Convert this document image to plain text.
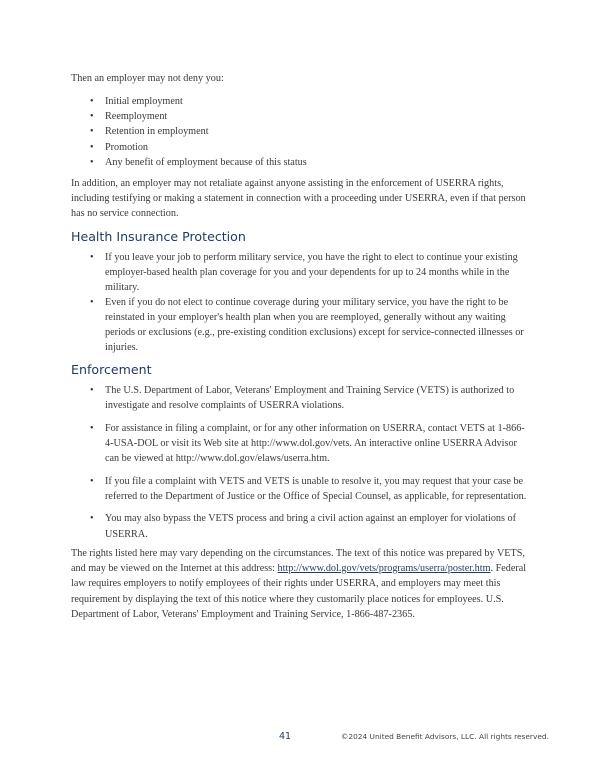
Then an employer may not deny you:

• Initial employment
• Reemployment
• Retention in employment
• Promotion
• Any benefit of employment because of this status

In addition, an employer may not retaliate against anyone assisting in the enforcement of USERRA rights, including testifying or making a statement in connection with a proceeding under USERRA, even if that person has no service connection.

Health Insurance Protection
• If you leave your job to perform military service, you have the right to elect to continue your existing employer-based health plan coverage for you and your dependents for up to 24 months while in the military.
• Even if you do not elect to continue coverage during your military service, you have the right to be reinstated in your employer's health plan when you are reemployed, generally without any waiting periods or exclusions (e.g., pre-existing condition exclusions) except for service-connected illnesses or injuries.
Enforcement
• The U.S. Department of Labor, Veterans' Employment and Training Service (VETS) is authorized to investigate and resolve complaints of USERRA violations.
• For assistance in filing a complaint, or for any other information on USERRA, contact VETS at 1-866-4-USA-DOL or visit its Web site at http://www.dol.gov/vets. An interactive online USERRA Advisor can be viewed at http://www.dol.gov/elaws/userra.htm.
• If you file a complaint with VETS and VETS is unable to resolve it, you may request that your case be referred to the Department of Justice or the Office of Special Counsel, as applicable, for representation.
• You may also bypass the VETS process and bring a civil action against an employer for violations of USERRA.

The rights listed here may vary depending on the circumstances. The text of this notice was prepared by VETS, and may be viewed on the Internet at this address: http://www.dol.gov/vets/programs/userra/poster.htm. Federal law requires employers to notify employees of their rights under USERRA, and employers may meet this requirement by displaying the text of this notice where they customarily place notices for employees. U.S. Department of Labor, Veterans' Employment and Training Service, 1-866-487-2365.

41	©2024 United Benefit Advisors, LLC. All rights reserved.
